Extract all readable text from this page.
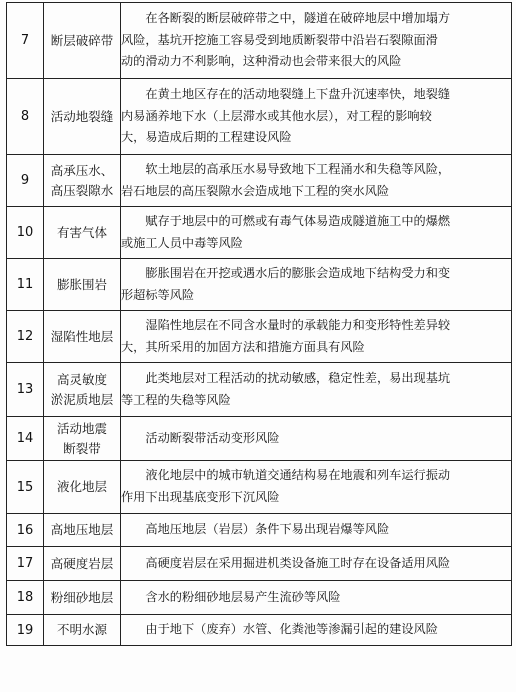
7	断层破碎带	在各断裂的断层破碎带之中，隧道在破碎地层中增加塌方
风险，基坑开挖施工容易受到地质断裂带中沿岩石裂隙面滑
动的滑动力不利影响，这种滑动也会带来很大的风险

8	活动地裂缝	在黄土地区存在的活动地裂缝上下盘升沉速率快，地裂缝
内易涵养地下水（上层滞水或其他水层），对工程的影响较
大，易造成后期的工程建设风险

9	高承压水、
高压裂隙水	软土地层的高承压水易导致地下工程涌水和失稳等风险，
岩石地层的高压裂隙水会造成地下工程的突水风险

10	有害气体	赋存于地层中的可燃或有毒气体易造成隧道施工中的爆燃
或施工人员中毒等风险

11	膨胀围岩	膨胀围岩在开挖或遇水后的膨胀会造成地下结构受力和变
形超标等风险

12	湿陷性地层	湿陷性地层在不同含水量时的承载能力和变形特性差异较
大，其所采用的加固方法和措施方面具有风险

13	高灵敏度
淤泥质地层	此类地层对工程活动的扰动敏感，稳定性差，易出现基坑
等工程的失稳等风险

14	活动地震
断裂带	活动断裂带活动变形风险

15	液化地层	液化地层中的城市轨道交通结构易在地震和列车运行振动
作用下出现基底变形下沉风险

16	高地压地层	高地压地层（岩层）条件下易出现岩爆等风险

17	高硬度岩层	高硬度岩层在采用掘进机类设备施工时存在设备适用风险

18	粉细砂地层	含水的粉细砂地层易产生流砂等风险

19	不明水源	由于地下（废弃）水管、化粪池等渗漏引起的建设风险
